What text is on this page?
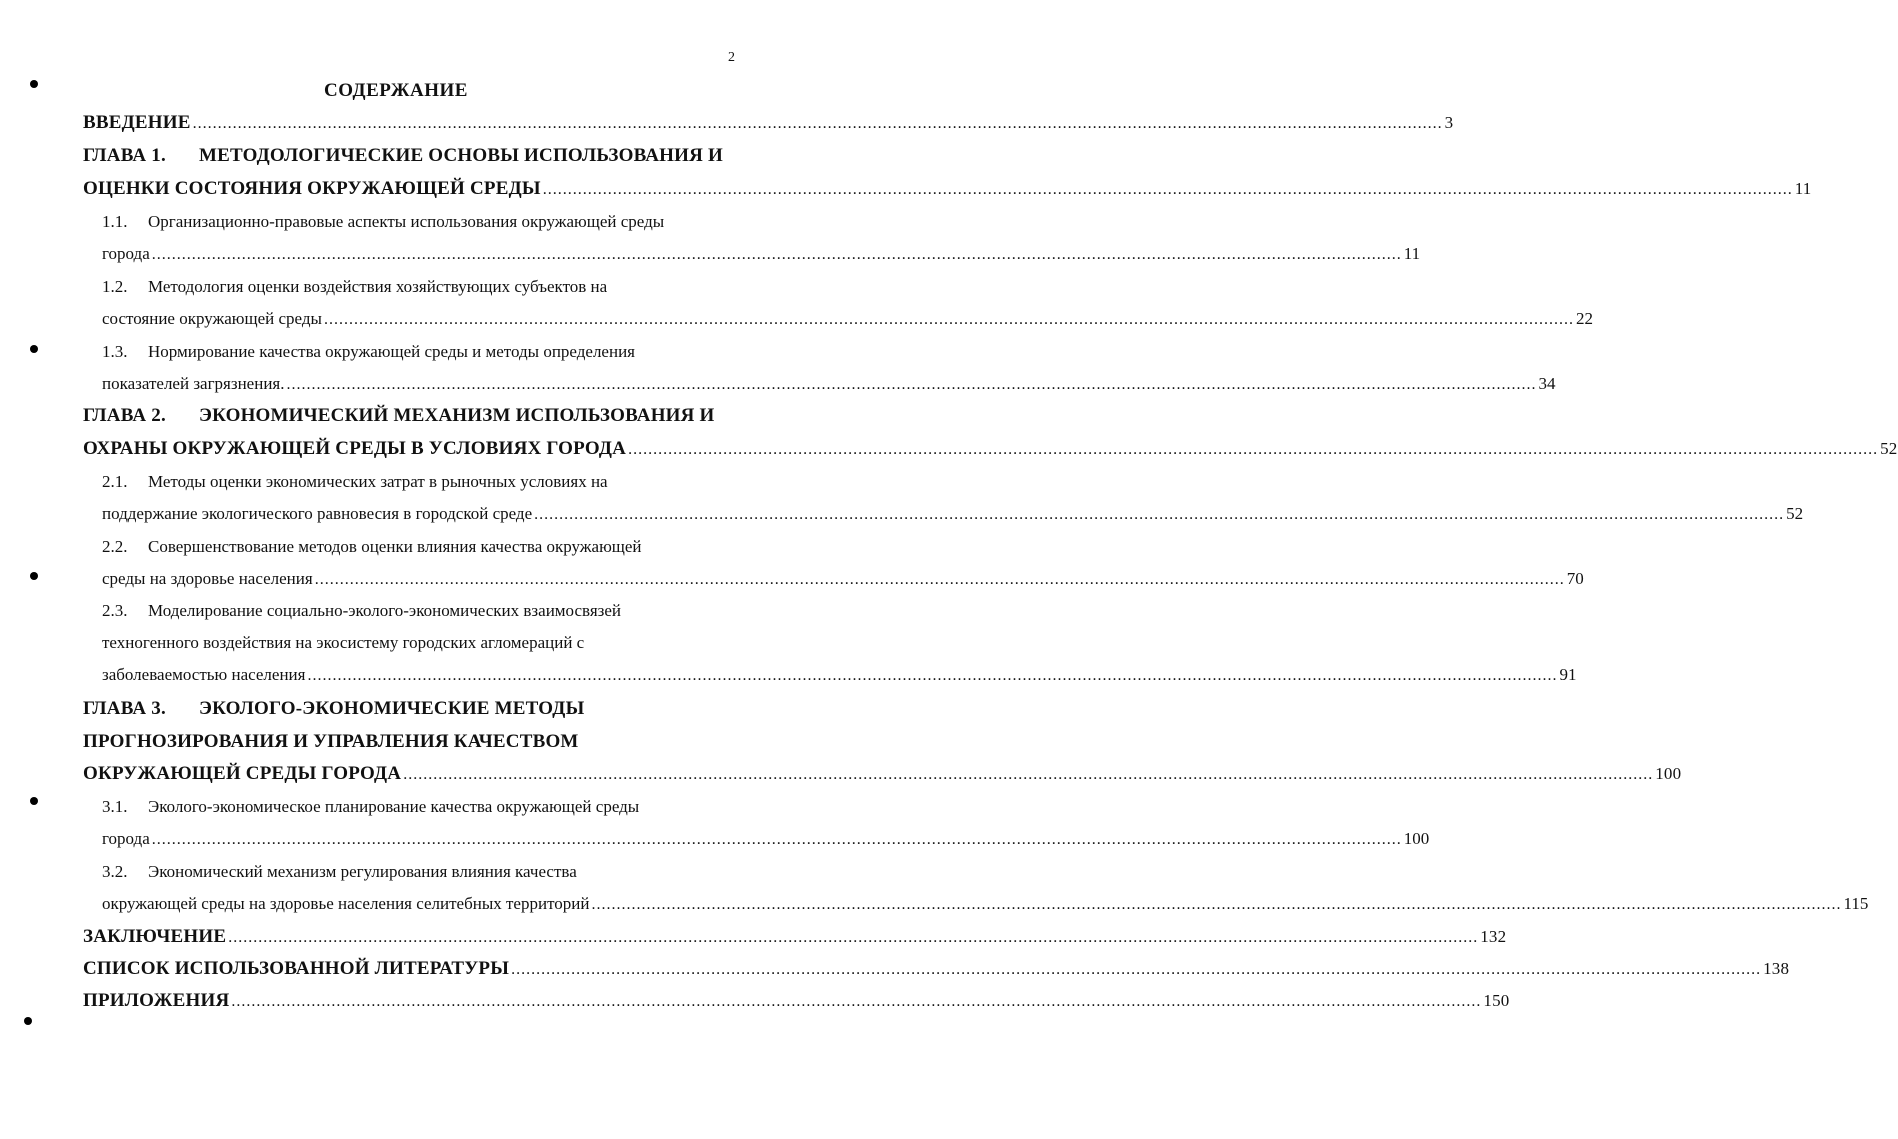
2
СОДЕРЖАНИЕ
ВВЕДЕНИЕ .......................................................................................................................................................................................................................................................... 3
ГЛАВА 1. МЕТОДОЛОГИЧЕСКИЕ ОСНОВЫ ИСПОЛЬЗОВАНИЯ И
ОЦЕНКИ СОСТОЯНИЯ ОКРУЖАЮЩЕЙ СРЕДЫ .......................................................................................................................................................................................................................................................... 11
1.1. Организационно-правовые аспекты использования окружающей среды
города .......................................................................................................................................................................................................................................................... 11
1.2. Методология оценки воздействия хозяйствующих субъектов на
состояние окружающей среды .......................................................................................................................................................................................................................................................... 22
1.3. Нормирование качества окружающей среды и методы определения
показателей загрязнения. .......................................................................................................................................................................................................................................................... 34
ГЛАВА 2. ЭКОНОМИЧЕСКИЙ МЕХАНИЗМ ИСПОЛЬЗОВАНИЯ И
ОХРАНЫ ОКРУЖАЮЩЕЙ СРЕДЫ В УСЛОВИЯХ ГОРОДА .......................................................................................................................................................................................................................................................... 52
2.1. Методы оценки экономических затрат в рыночных условиях на
поддержание экологического равновесия в городской среде .......................................................................................................................................................................................................................................................... 52
2.2. Совершенствование методов оценки влияния качества окружающей
среды на здоровье населения .......................................................................................................................................................................................................................................................... 70
2.3. Моделирование социально-эколого-экономических взаимосвязей
техногенного воздействия на экосистему городских агломераций с
заболеваемостью населения .......................................................................................................................................................................................................................................................... 91
ГЛАВА 3. ЭКОЛОГО-ЭКОНОМИЧЕСКИЕ МЕТОДЫ
ПРОГНОЗИРОВАНИЯ И УПРАВЛЕНИЯ КАЧЕСТВОМ
ОКРУЖАЮЩЕЙ СРЕДЫ ГОРОДА .......................................................................................................................................................................................................................................................... 100
3.1. Эколого-экономическое планирование качества окружающей среды
города .......................................................................................................................................................................................................................................................... 100
3.2. Экономический механизм регулирования влияния качества
окружающей среды на здоровье населения селитебных территорий .......................................................................................................................................................................................................................................................... 115
ЗАКЛЮЧЕНИЕ .......................................................................................................................................................................................................................................................... 132
СПИСОК ИСПОЛЬЗОВАННОЙ ЛИТЕРАТУРЫ .......................................................................................................................................................................................................................................................... 138
ПРИЛОЖЕНИЯ .......................................................................................................................................................................................................................................................... 150
